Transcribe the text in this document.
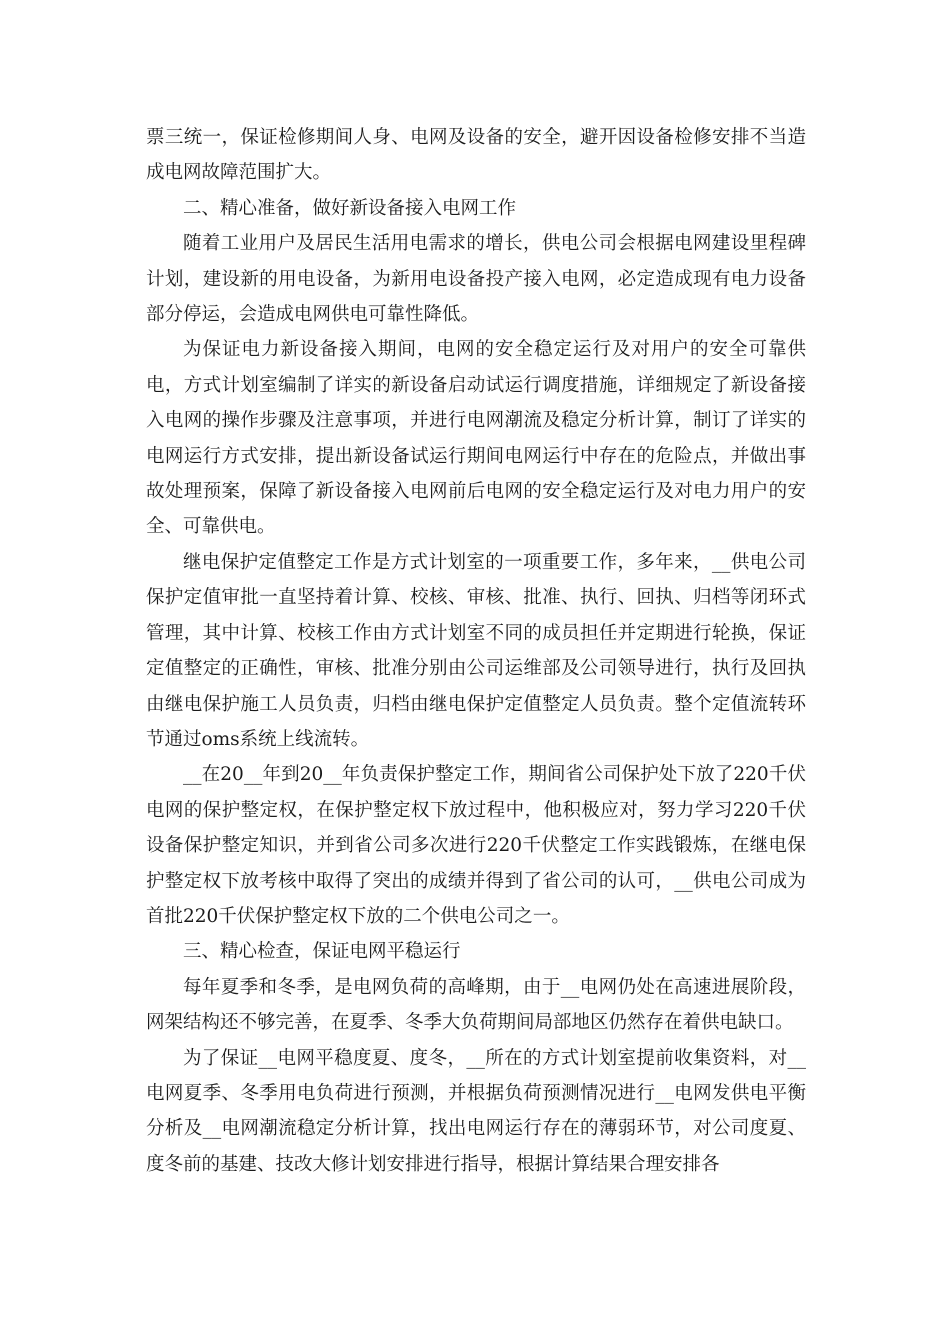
票三统一，保证检修期间人身、电网及设备的安全，避开因设备检修安排不当造成电网故障范围扩大。

二、精心准备，做好新设备接入电网工作

随着工业用户及居民生活用电需求的增长，供电公司会根据电网建设里程碑计划，建设新的用电设备，为新用电设备投产接入电网，必定造成现有电力设备部分停运，会造成电网供电可靠性降低。

为保证电力新设备接入期间，电网的安全稳定运行及对用户的安全可靠供电，方式计划室编制了详实的新设备启动试运行调度措施，详细规定了新设备接入电网的操作步骤及注意事项，并进行电网潮流及稳定分析计算，制订了详实的电网运行方式安排，提出新设备试运行期间电网运行中存在的危险点，并做出事故处理预案，保障了新设备接入电网前后电网的安全稳定运行及对电力用户的安全、可靠供电。

继电保护定值整定工作是方式计划室的一项重要工作，多年来，__供电公司保护定值审批一直坚持着计算、校核、审核、批准、执行、回执、归档等闭环式管理，其中计算、校核工作由方式计划室不同的成员担任并定期进行轮换，保证定值整定的正确性，审核、批准分别由公司运维部及公司领导进行，执行及回执由继电保护施工人员负责，归档由继电保护定值整定人员负责。整个定值流转环节通过oms系统上线流转。

__在20__年到20__年负责保护整定工作，期间省公司保护处下放了220千伏电网的保护整定权，在保护整定权下放过程中，他积极应对，努力学习220千伏设备保护整定知识，并到省公司多次进行220千伏整定工作实践锻炼，在继电保护整定权下放考核中取得了突出的成绩并得到了省公司的认可，__供电公司成为首批220千伏保护整定权下放的二个供电公司之一。

三、精心检查，保证电网平稳运行

每年夏季和冬季，是电网负荷的高峰期，由于__电网仍处在高速进展阶段，网架结构还不够完善，在夏季、冬季大负荷期间局部地区仍然存在着供电缺口。

为了保证__电网平稳度夏、度冬，__所在的方式计划室提前收集资料，对__电网夏季、冬季用电负荷进行预测，并根据负荷预测情况进行__电网发供电平衡分析及__电网潮流稳定分析计算，找出电网运行存在的薄弱环节，对公司度夏、度冬前的基建、技改大修计划安排进行指导，根据计算结果合理安排各
